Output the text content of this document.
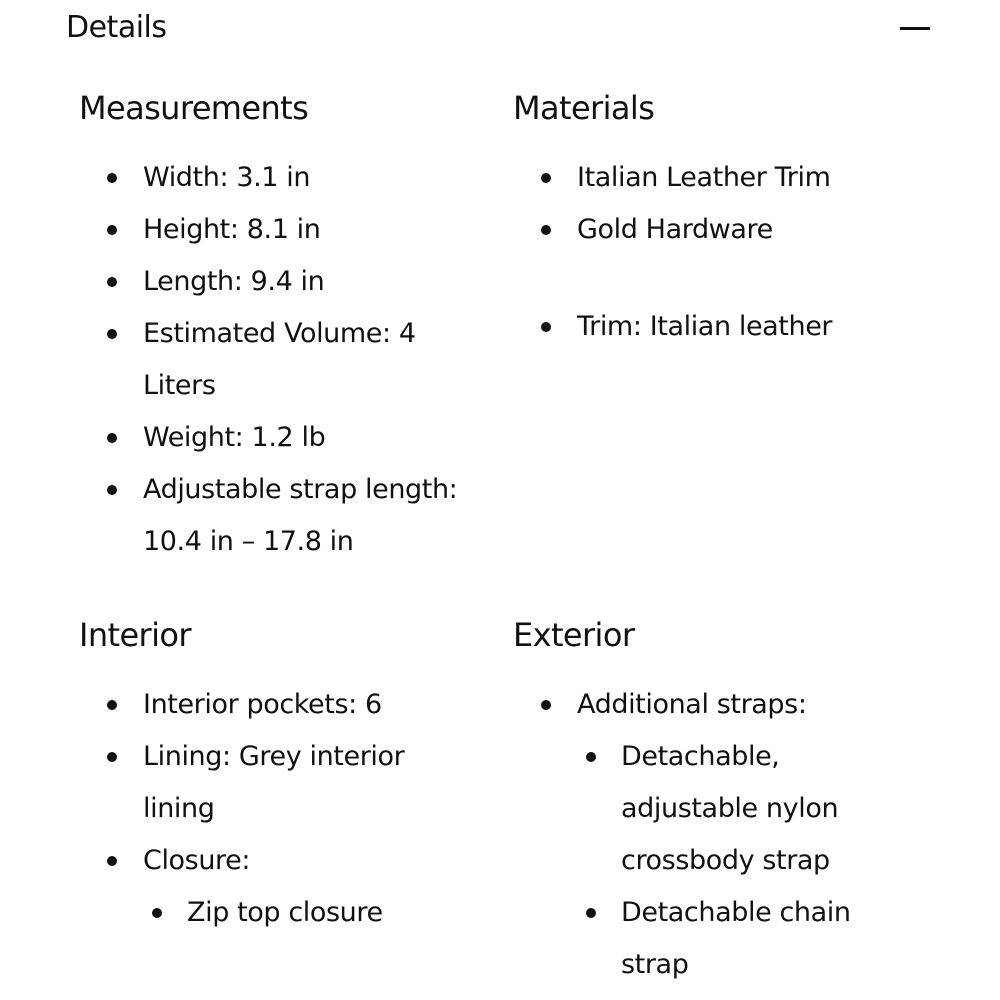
Details
Measurements
Width: 3.1 in
Height: 8.1 in
Length: 9.4 in
Estimated Volume: 4 Liters
Weight: 1.2 lb
Adjustable strap length: 10.4 in – 17.8 in
Materials
Italian Leather Trim
Gold Hardware
Trim: Italian leather
Interior
Interior pockets: 6
Lining: Grey interior lining
Closure:
Zip top closure
Exterior
Additional straps:
Detachable, adjustable nylon crossbody strap
Detachable chain strap
